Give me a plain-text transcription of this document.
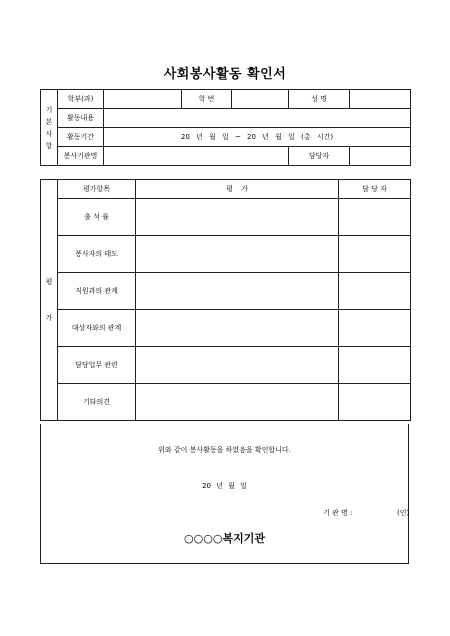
사회봉사활동 확인서
기
본
사
항	학부(과)		학 번		성 명	
	활동내용					
	활동기간	20 년 월 일 ~ 20 년 월 일 (총 시간)				
	봉사기관명				담당자	
평

가	평가항목	평 가	담 당 자
	출 석 률		
	봉사자의 태도		
	직원과의 관계		
	대상자와의 관계		
	담당업무 관련		
	기타의견		
위와 같이 봉사활동을 하였음을 확인합니다.
20 년 월 일
기 관 명 :	(인)
○○○○복지기관
